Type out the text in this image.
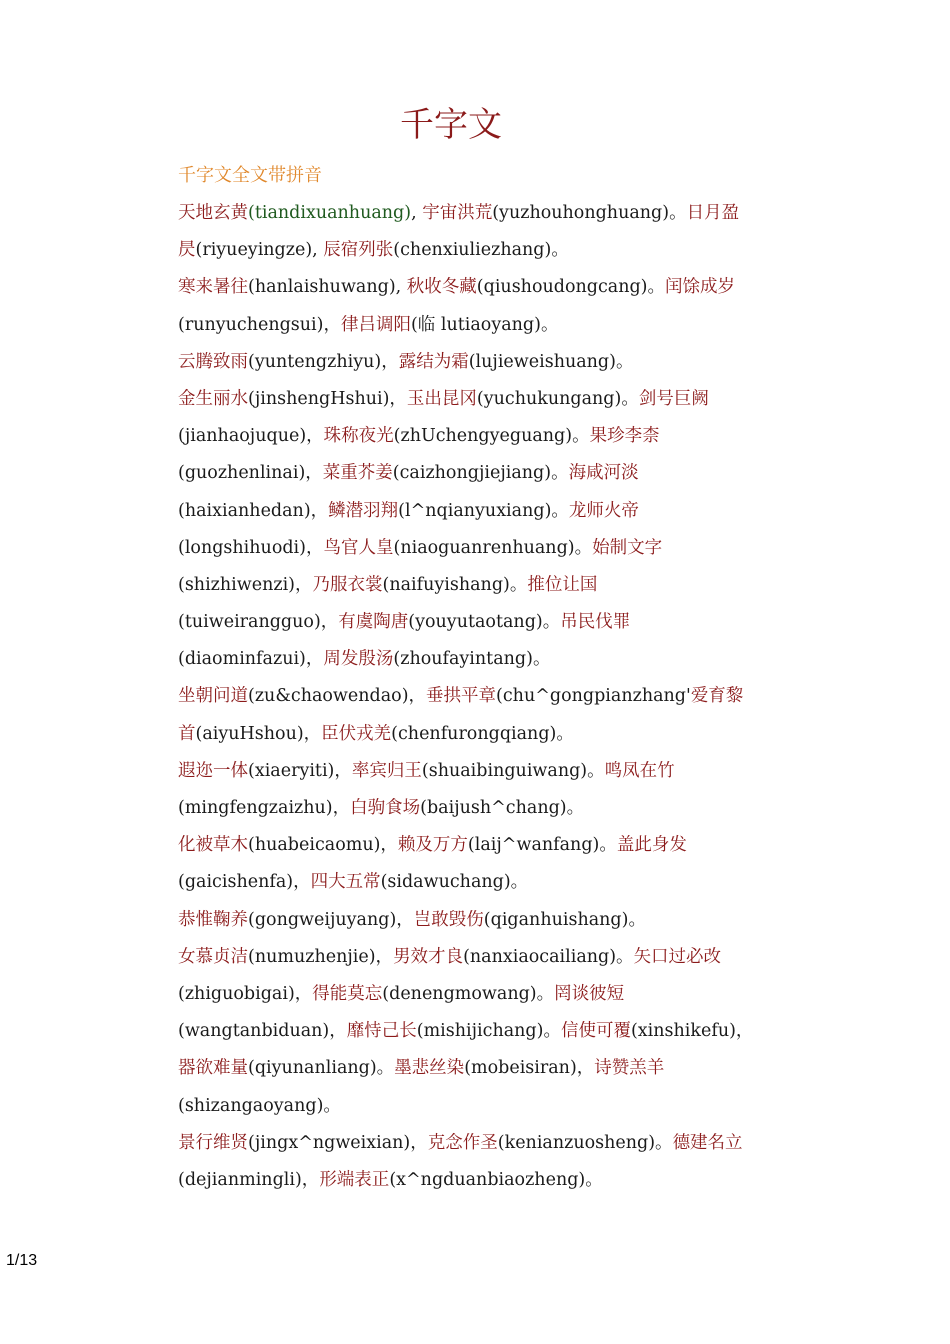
千字文
千字文全文带拼音
天地玄黄(tiandixuanhuang), 宇宙洪荒(yuzhouhonghuang)。日月盈
昃(riyueyingze), 辰宿列张(chenxiuliezhang)。
寒来暑往(hanlaishuwang), 秋收冬藏(qiushoudongcang)。闰馀成岁
(runyuchengsui)，律吕调阳(临 lutiaoyang)。
云腾致雨(yuntengzhiyu)，露结为霜(lujieweishuang)。
金生丽水(jinshengHshui)，玉出昆冈(yuchukungang)。剑号巨阙
(jianhaojuque)，珠称夜光(zhUchengyeguang)。果珍李柰
(guozhenlinai)，菜重芥姜(caizhongjiejiang)。海咸河淡
(haixianhedan)，鳞潜羽翔(l^nqianyuxiang)。龙师火帝
(longshihuodi)，鸟官人皇(niaoguanrenhuang)。始制文字
(shizhiwenzi)，乃服衣裳(naifuyishang)。推位让国
(tuiweirangguo)，有虞陶唐(youyutaotang)。吊民伐罪
(diaominfazui)，周发殷汤(zhoufayintang)。
坐朝问道(zu&chaowendao)，垂拱平章(chu^gongpianzhang'爱育黎
首(aiyuHshou)，臣伏戎羌(chenfurongqiang)。
遐迩一体(xiaeryiti)，率宾归王(shuaibinguiwang)。鸣凤在竹
(mingfengzaizhu)，白驹食场(baijush^chang)。
化被草木(huabeicaomu)，赖及万方(laij^wanfang)。盖此身发
(gaicishenfa)，四大五常(sidawuchang)。
恭惟鞠养(gongweijuyang)，岂敢毁伤(qiganhuishang)。
女慕贞洁(numuzhenjie)，男效才良(nanxiaocailiang)。矢口过必改
(zhiguobigai)，得能莫忘(denengmowang)。罔谈彼短
(wangtanbiduan)，靡恃己长(mishijichang)。信使可覆(xinshikefu)，
器欲难量(qiyunanliang)。墨悲丝染(mobeisiran)，诗赞羔羊
(shizangaoyang)。
景行维贤(jingx^ngweixian)，克念作圣(kenianzuosheng)。德建名立
(dejianmingli)，形端表正(x^ngduanbiaozheng)。
1/13
